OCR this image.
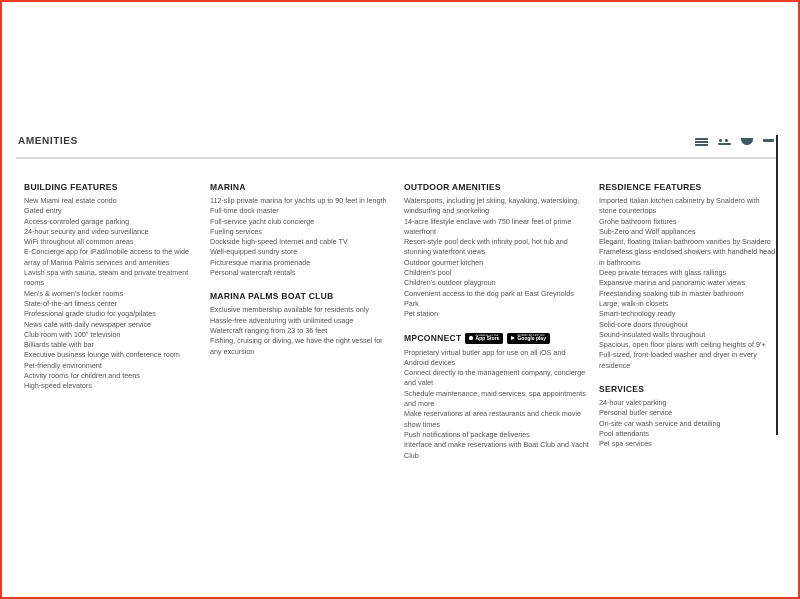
AMENITIES
BUILDING FEATURES
New Miami real estate condo
Gated entry
Access-controled garage parking
24-hour security and video surveillance
WiFi throughout all common areas
E-Concierge app for iPad/mobile access to the wide array of Marina Palms services and amenities
Lavish spa with sauna, steam and private treatment rooms
Men's & women's locker rooms
State-of-the-art fitness center
Professional grade studio for yoga/pilates
News café with daily newspaper service
Club room with 100" television
Billiards table with bar
Executive business lounge with conference room
Pet-friendly environment
Activity rooms for children and teens
High-speed elevators
MARINA
112-slip private marina for yachts up to 90 feet in length
Full-time dock master
Full-service yacht club concierge
Fueling services
Dockside high-speed Internet and cable TV
Well-equipped sundry store
Picturesque marina promenade
Personal watercraft rentals
MARINA PALMS BOAT CLUB
Exclusive membership available for residents only
Hassle-free adventuring with unlimited usage
Watercraft ranging from 23 to 36 feet
Fishing, cruising or diving, we have the right vessel for any excursion
OUTDOOR AMENITIES
Watersports, including jet skiing, kayaking, waterskiing, windsurfing and snorkeling
14-acre lifestyle enclave with 750 linear feet of prime waterfront
Resort-style pool deck with infinity pool, hot tub and stunning waterfront views
Outdoor gourmet kitchen
Children's pool
Children's outdoor playgroun
Convenient access to the dog park at East Greynolds Park
Pet station
MPCONNECT	Available on the
App Store
ANDROID APP ON
Google play
Proprietary virtual butler app for use on all iOS and Android devices
Connect directly to the management company, concierge and valet
Schedule maintenance, maid services, spa appointments and more
Make reservations at area restaurants and check movie show times
Push notifications of package deliveries
Interface and make reservations with Boat Club and Yacht Club
RESDIENCE FEATURES
Imported Italian kitchen cabinetry by Snaidero with stone countertops
Grohe bathroom fixtures
Sub-Zero and Wolf appliances
Elegant, floating Italian bathroom vanities by Snaidero
Frameless glass enclosed showers with handheld head in bathrooms
Deep private terraces with glass railings
Expansive marina and panoramic water views
Freestanding soaking tub in master bathroom
Large, walk-in closets
Smart-technology ready
Solid-core doors throughout
Sound-insulated walls throughout
Spacious, open floor plans with ceiling heights of 9'+
Full-sized, front-loaded washer and dryer in every residence
SERVICES
24-hour valet parking
Personal butler service
On-site car wash service and detailing
Pool attendants
Pet spa services
